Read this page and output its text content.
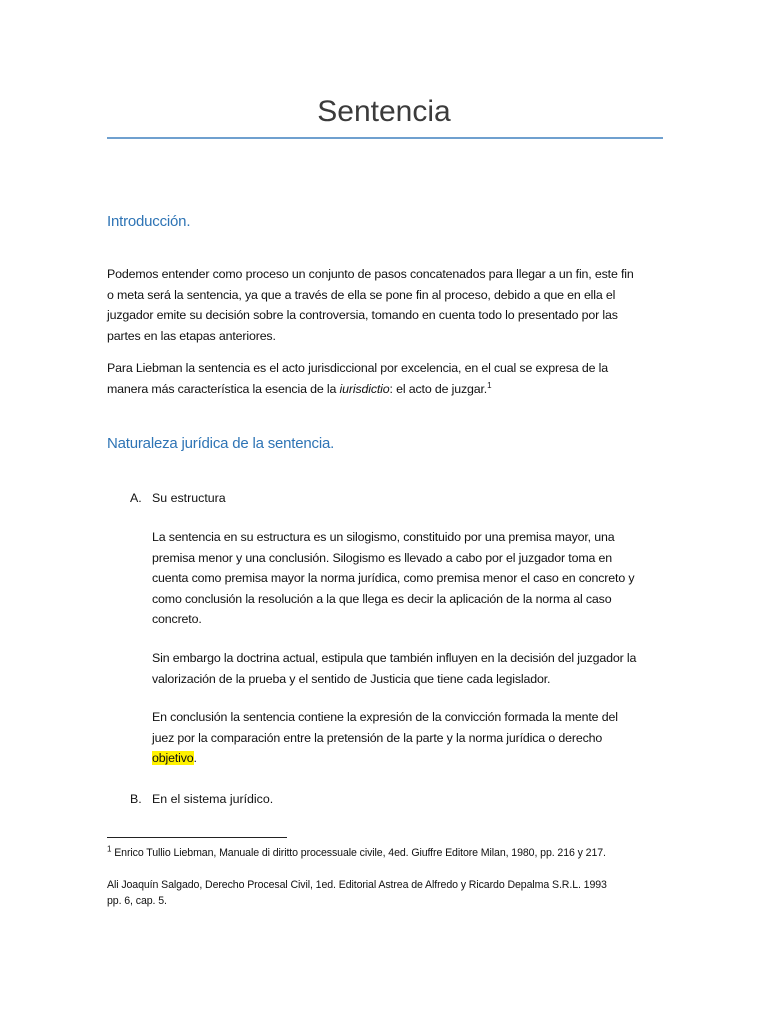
Sentencia
Introducción.

Podemos entender como proceso un conjunto de pasos concatenados para llegar a un fin, este fin
o meta será la sentencia, ya que a través de ella se pone fin al proceso, debido a que en ella el
juzgador emite su decisión sobre la controversia, tomando en cuenta todo lo presentado por las
partes en las etapas anteriores.

Para Liebman la sentencia es el acto jurisdiccional por excelencia, en el cual se expresa de la
manera más característica la esencia de la iurisdictio: el acto de juzgar.$^1$

Naturaleza jurídica de la sentencia.

A. Su estructura

La sentencia en su estructura es un silogismo, constituido por una premisa mayor, una
premisa menor y una conclusión. Silogismo es llevado a cabo por el juzgador toma en
cuenta como premisa mayor la norma jurídica, como premisa menor el caso en concreto y
como conclusión la resolución a la que llega es decir la aplicación de la norma al caso
concreto.

Sin embargo la doctrina actual, estipula que también influyen en la decisión del juzgador la
valorización de la prueba y el sentido de Justicia que tiene cada legislador.

En conclusión la sentencia contiene la expresión de la convicción formada la mente del
juez por la comparación entre la pretensión de la parte y la norma jurídica o derecho
objetivo.

B. En el sistema jurídico.

$^1$ Enrico Tullio Liebman, Manuale di diritto processuale civile, 4ed. Giuffre Editore Milan, 1980, pp. 216 y 217.

Ali Joaquín Salgado, Derecho Procesal Civil, 1ed. Editorial Astrea de Alfredo y Ricardo Depalma S.R.L. 1993
pp. 6, cap. 5.
